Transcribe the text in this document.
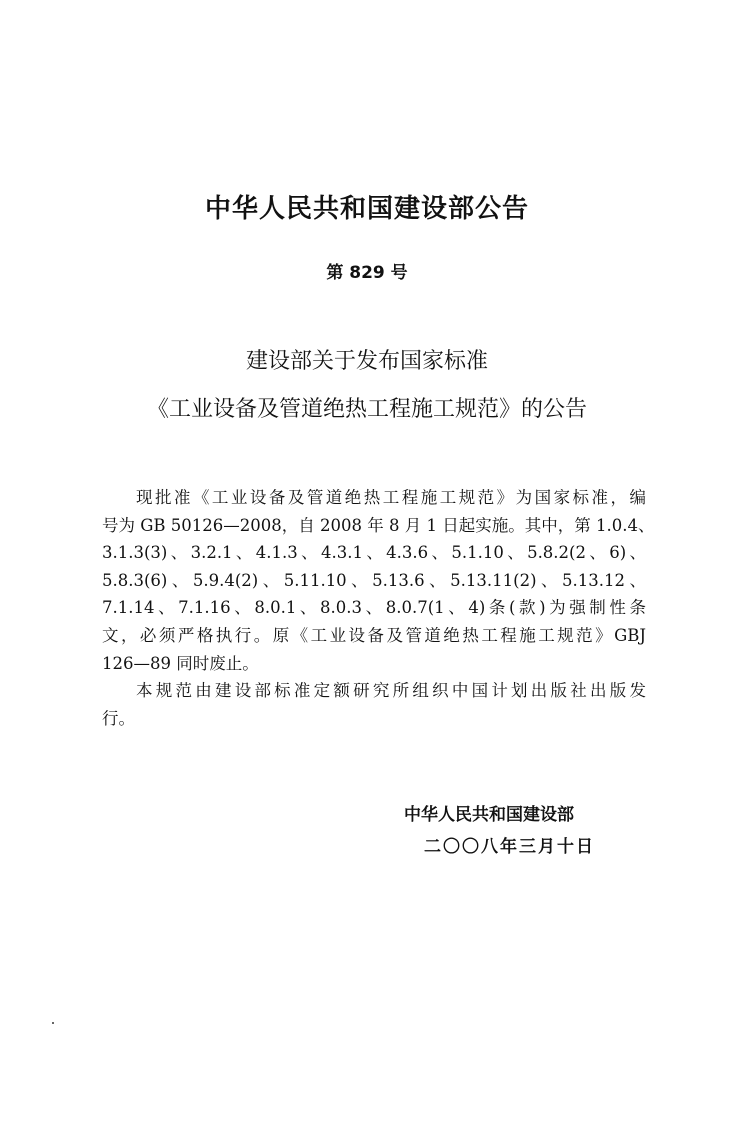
中华人民共和国建设部公告
第 829 号
建设部关于发布国家标准
《工业设备及管道绝热工程施工规范》的公告
现批准《工业设备及管道绝热工程施工规范》为国家标准，编
号为 GB 50126—2008，自 2008 年 8 月 1 日起实施。其中，第 1.0.4、
3.1.3(3)、3.2.1、4.1.3、4.3.1、4.3.6、5.1.10、5.8.2(2、6)、
5.8.3(6)、5.9.4(2)、5.11.10、5.13.6、5.13.11(2)、5.13.12、
7.1.14、7.1.16、8.0.1、8.0.3、8.0.7(1、4)条(款)为强制性条
文，必须严格执行。原《工业设备及管道绝热工程施工规范》GBJ
126—89 同时废止。
本规范由建设部标准定额研究所组织中国计划出版社出版发
行。
中华人民共和国建设部
二〇〇八年三月十日
